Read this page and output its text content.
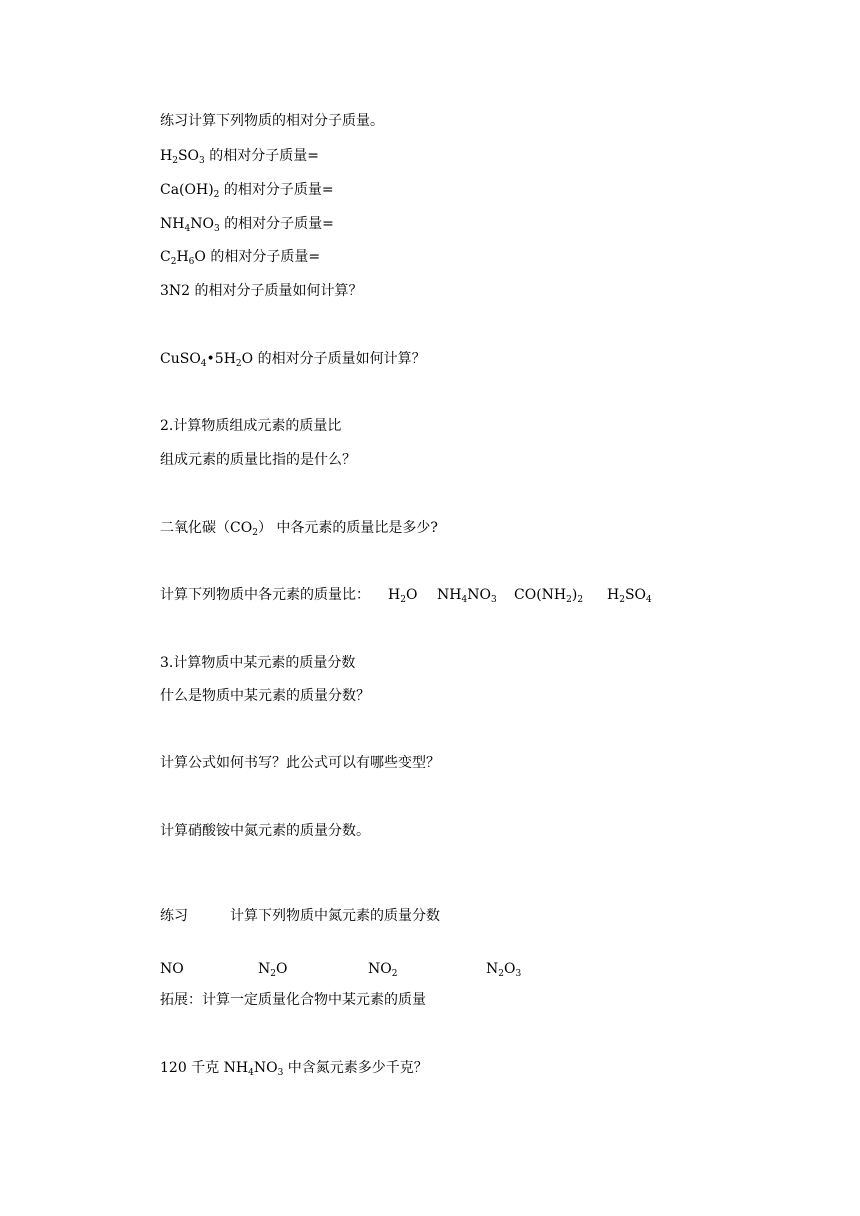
练习计算下列物质的相对分子质量。
$H_2SO_3$ 的相对分子质量=
$Ca(OH)_2$ 的相对分子质量=
$NH_4NO_3$ 的相对分子质量=
$C_2H_6O$ 的相对分子质量=
3N2 的相对分子质量如何计算？
$CuSO_4•5H_2O$ 的相对分子质量如何计算？
2.计算物质组成元素的质量比
组成元素的质量比指的是什么？
二氧化碳$(CO_2)$ 中各元素的质量比是多少?
计算下列物质中各元素的质量比： $H_2O$ $NH_4NO_3$ $CO(NH_2)_2$ $H_2SO_4$
3.计算物质中某元素的质量分数
什么是物质中某元素的质量分数？
计算公式如何书写？此公式可以有哪些变型？
计算硝酸铵中氮元素的质量分数。
练习	计算下列物质中氮元素的质量分数
NO	$N_2O$	$NO_2$	$N_2O_3$
拓展：计算一定质量化合物中某元素的质量
120 千克 $NH_4NO_3$ 中含氮元素多少千克？
